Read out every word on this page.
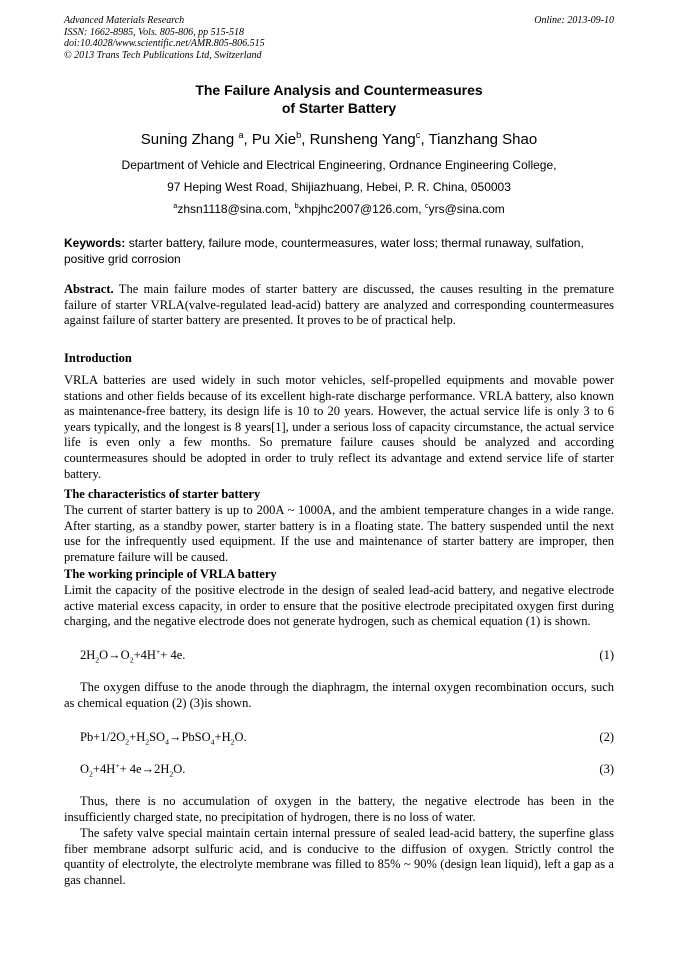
Advanced Materials Research
ISSN: 1662-8985, Vols. 805-806, pp 515-518
doi:10.4028/www.scientific.net/AMR.805-806.515
© 2013 Trans Tech Publications Ltd, Switzerland
Online: 2013-09-10
The Failure Analysis and Countermeasures
of Starter Battery
Suning Zhang $^a$, Pu Xie$^b$, Runsheng Yang$^c$, Tianzhang Shao
Department of Vehicle and Electrical Engineering, Ordnance Engineering College,
97 Heping West Road, Shijiazhuang, Hebei, P. R. China, 050003
$^a$zhsn1118@sina.com, $^b$xhpjhc2007@126.com, $^c$yrs@sina.com
Keywords: starter battery, failure mode, countermeasures, water loss; thermal runaway, sulfation, positive grid corrosion
Abstract. The main failure modes of starter battery are discussed, the causes resulting in the premature failure of starter VRLA(valve-regulated lead-acid) battery are analyzed and corresponding countermeasures against failure of starter battery are presented. It proves to be of practical help.
Introduction
VRLA batteries are used widely in such motor vehicles, self-propelled equipments and movable power stations and other fields because of its excellent high-rate discharge performance. VRLA battery, also known as maintenance-free battery, its design life is 10 to 20 years. However, the actual service life is only 3 to 6 years typically, and the longest is 8 years[1], under a serious loss of capacity circumstance, the actual service life is even only a few months. So premature failure causes should be analyzed and according countermeasures should be adopted in order to truly reflect its advantage and extend service life of starter battery.
The characteristics of starter battery
The current of starter battery is up to 200A ~ 1000A, and the ambient temperature changes in a wide range. After starting, as a standby power, starter battery is in a floating state. The battery suspended until the next use for the infrequently used equipment. If the use and maintenance of starter battery are improper, then premature failure will be caused.
The working principle of VRLA battery
Limit the capacity of the positive electrode in the design of sealed lead-acid battery, and negative electrode active material excess capacity, in order to ensure that the positive electrode precipitated oxygen first during charging, and the negative electrode does not generate hydrogen, such as chemical equation (1) is shown.
$2H_2O\to O_2+4H^++ 4e$.	(1)
The oxygen diffuse to the anode through the diaphragm, the internal oxygen recombination occurs, such as chemical equation (2) (3)is shown.
$Pb+1/2O_2+H_2SO_4\to PbSO_4+H_2O$.	(2)
$O_2+4H^++ 4e\to 2H_2O$.	(3)
Thus, there is no accumulation of oxygen in the battery, the negative electrode has been in the insufficiently charged state, no precipitation of hydrogen, there is no loss of water.
The safety valve special maintain certain internal pressure of sealed lead-acid battery, the superfine glass fiber membrane adsorpt sulfuric acid, and is conducive to the diffusion of oxygen. Strictly control the quantity of electrolyte, the electrolyte membrane was filled to 85% ~ 90% (design lean liquid), left a gap as a gas channel.
